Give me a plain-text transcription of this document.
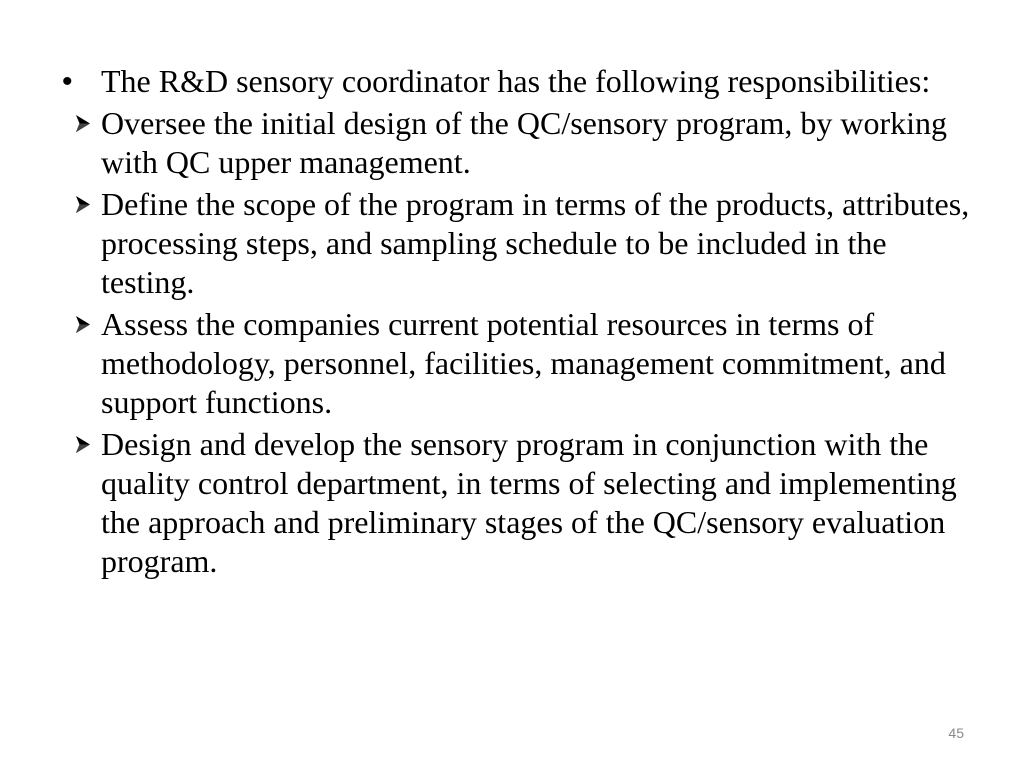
• The R&D sensory coordinator has the following responsibilities:
Oversee the initial design of the QC/sensory program, by working with QC upper management.
Define the scope of the program in terms of the products, attributes, processing steps, and sampling schedule to be included in the testing.
Assess the companies current potential resources in terms of methodology, personnel, facilities, management commitment, and support functions.
Design and develop the sensory program in conjunction with the quality control department, in terms of selecting and implementing the approach and preliminary stages of the QC/sensory evaluation program.
45
